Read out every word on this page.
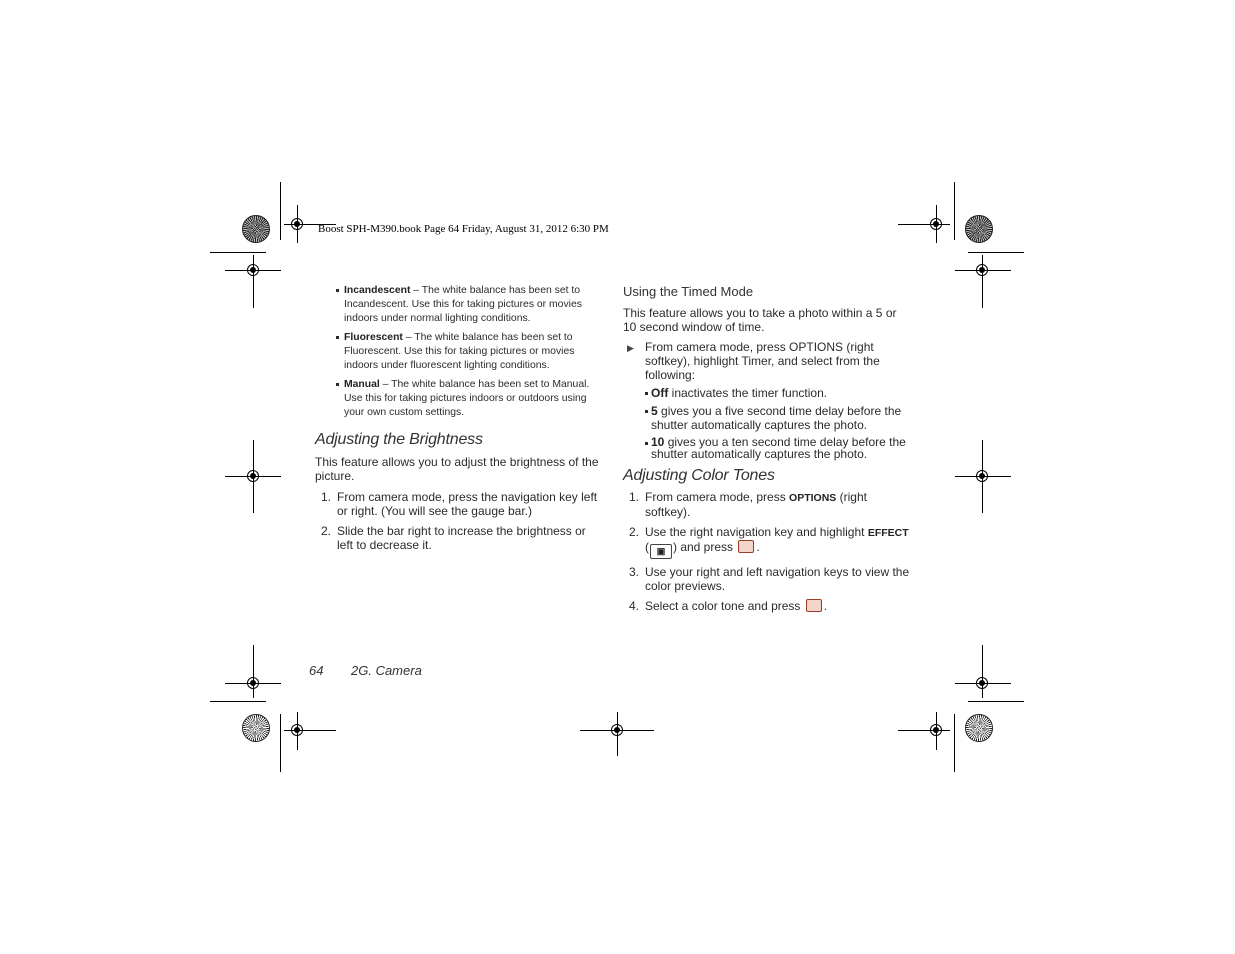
Boost SPH-M390.book Page 64 Friday, August 31, 2012 6:30 PM
Incandescent – The white balance has been set to Incandescent. Use this for taking pictures or movies indoors under normal lighting conditions.
Fluorescent – The white balance has been set to Fluorescent. Use this for taking pictures or movies indoors under fluorescent lighting conditions.
Manual – The white balance has been set to Manual. Use this for taking pictures indoors or outdoors using your own custom settings.
Adjusting the Brightness

This feature allows you to adjust the brightness of the picture.

1. From camera mode, press the navigation key left or right. (You will see the gauge bar.)
2. Slide the bar right to increase the brightness or left to decrease it.
Using the Timed Mode

This feature allows you to take a photo within a 5 or 10 second window of time.

▶ From camera mode, press OPTIONS (right softkey), highlight Timer, and select from the following:
Off inactivates the timer function.
5 gives you a five second time delay before the shutter automatically captures the photo.
10 gives you a ten second time delay before the shutter automatically captures the photo.
Adjusting Color Tones
1. From camera mode, press OPTIONS (right softkey).
2. Use the right navigation key and highlight EFFECT
( ▣ ) and press .
3. Use your right and left navigation keys to view the color previews.
4. Select a color tone and press .
64 2G. Camera
